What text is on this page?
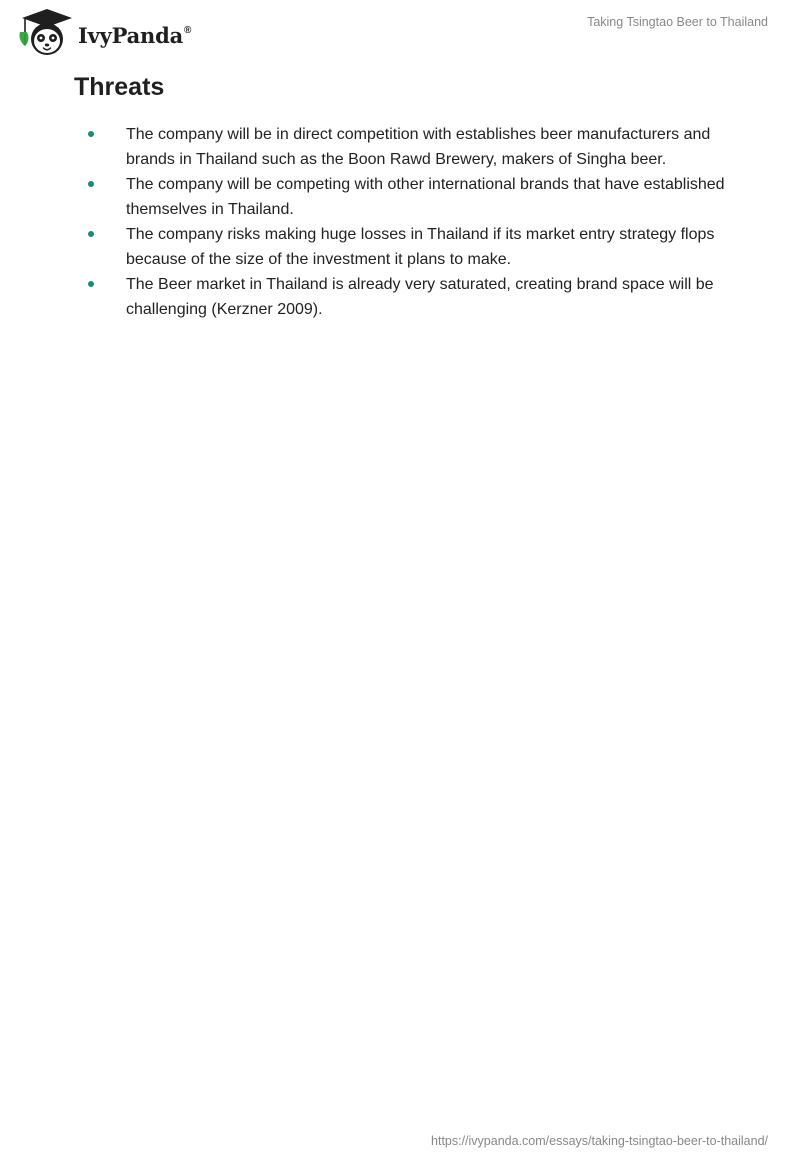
IvyPanda®
Taking Tsingtao Beer to Thailand
Threats
The company will be in direct competition with establishes beer manufacturers and brands in Thailand such as the Boon Rawd Brewery, makers of Singha beer.
The company will be competing with other international brands that have established themselves in Thailand.
The company risks making huge losses in Thailand if its market entry strategy flops because of the size of the investment it plans to make.
The Beer market in Thailand is already very saturated, creating brand space will be challenging (Kerzner 2009).
https://ivypanda.com/essays/taking-tsingtao-beer-to-thailand/
